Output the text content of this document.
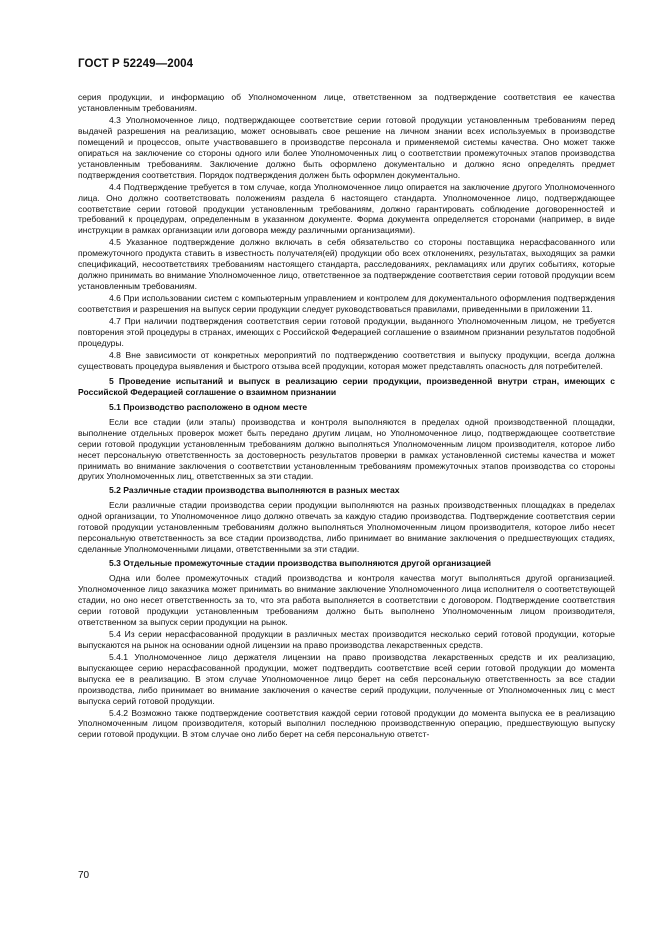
ГОСТ Р 52249—2004
серия продукции, и информацию об Уполномоченном лице, ответственном за подтверждение соответствия ее качества установленным требованиям.
4.3 Уполномоченное лицо, подтверждающее соответствие серии готовой продукции установленным требованиям перед выдачей разрешения на реализацию, может основывать свое решение на личном знании всех используемых в производстве помещений и процессов, опыте участвовавшего в производстве персонала и применяемой системы качества. Оно может также опираться на заключение со стороны одного или более Уполномоченных лиц о соответствии промежуточных этапов производства установленным требованиям. Заключение должно быть оформлено документально и должно ясно определять предмет подтверждения соответствия. Порядок подтверждения должен быть оформлен документально.
4.4 Подтверждение требуется в том случае, когда Уполномоченное лицо опирается на заключение другого Уполномоченного лица. Оно должно соответствовать положениям раздела 6 настоящего стандарта. Уполномоченное лицо, подтверждающее соответствие серии готовой продукции установленным требованиям, должно гарантировать соблюдение договоренностей и требований к процедурам, определенным в указанном документе. Форма документа определяется сторонами (например, в виде инструкции в рамках организации или договора между различными организациями).
4.5 Указанное подтверждение должно включать в себя обязательство со стороны поставщика нерасфасованного или промежуточного продукта ставить в известность получателя(ей) продукции обо всех отклонениях, результатах, выходящих за рамки спецификаций, несоответствиях требованиям настоящего стандарта, расследованиях, рекламациях или других событиях, которые должно принимать во внимание Уполномоченное лицо, ответственное за подтверждение соответствия серии готовой продукции всем установленным требованиям.
4.6 При использовании систем с компьютерным управлением и контролем для документального оформления подтверждения соответствия и разрешения на выпуск серии продукции следует руководствоваться правилами, приведенными в приложении 11.
4.7 При наличии подтверждения соответствия серии готовой продукции, выданного Уполномоченным лицом, не требуется повторения этой процедуры в странах, имеющих с Российской Федерацией соглашение о взаимном признании результатов подобной процедуры.
4.8 Вне зависимости от конкретных мероприятий по подтверждению соответствия и выпуску продукции, всегда должна существовать процедура выявления и быстрого отзыва всей продукции, которая может представлять опасность для потребителей.
5 Проведение испытаний и выпуск в реализацию серии продукции, произведенной внутри стран, имеющих с Российской Федерацией соглашение о взаимном признании
5.1 Производство расположено в одном месте
Если все стадии (или этапы) производства и контроля выполняются в пределах одной производственной площадки, выполнение отдельных проверок может быть передано другим лицам, но Уполномоченное лицо, подтверждающее соответствие серии готовой продукции установленным требованиям должно выполняться Уполномоченным лицом производителя, которое либо несет персональную ответственность за достоверность результатов проверки в рамках установленной системы качества и может принимать во внимание заключения о соответствии установленным требованиям промежуточных этапов производства со стороны других Уполномоченных лиц, ответственных за эти стадии.
5.2 Различные стадии производства выполняются в разных местах
Если различные стадии производства серии продукции выполняются на разных производственных площадках в пределах одной организации, то Уполномоченное лицо должно отвечать за каждую стадию производства. Подтверждение соответствия серии готовой продукции установленным требованиям должно выполняться Уполномоченным лицом производителя, которое либо несет персональную ответственность за все стадии производства, либо принимает во внимание заключения о предшествующих стадиях, сделанные Уполномоченными лицами, ответственными за эти стадии.
5.3 Отдельные промежуточные стадии производства выполняются другой организацией
Одна или более промежуточных стадий производства и контроля качества могут выполняться другой организацией. Уполномоченное лицо заказчика может принимать во внимание заключение Уполномоченного лица исполнителя о соответствующей стадии, но оно несет ответственность за то, что эта работа выполняется в соответствии с договором. Подтверждение соответствия серии готовой продукции установленным требованиям должно быть выполнено Уполномоченным лицом производителя, ответственном за выпуск серии продукции на рынок.
5.4 Из серии нерасфасованной продукции в различных местах производится несколько серий готовой продукции, которые выпускаются на рынок на основании одной лицензии на право производства лекарственных средств.
5.4.1 Уполномоченное лицо держателя лицензии на право производства лекарственных средств и их реализацию, выпускающее серию нерасфасованной продукции, может подтвердить соответствие всей серии готовой продукции до момента выпуска ее в реализацию. В этом случае Уполномоченное лицо берет на себя персональную ответственность за все стадии производства, либо принимает во внимание заключения о качестве серий продукции, полученные от Уполномоченных лиц с мест выпуска серий готовой продукции.
5.4.2 Возможно также подтверждение соответствия каждой серии готовой продукции до момента выпуска ее в реализацию Уполномоченным лицом производителя, который выполнил последнюю производственную операцию, предшествующую выпуску серии готовой продукции. В этом случае оно либо берет на себя персональную ответст-
70
